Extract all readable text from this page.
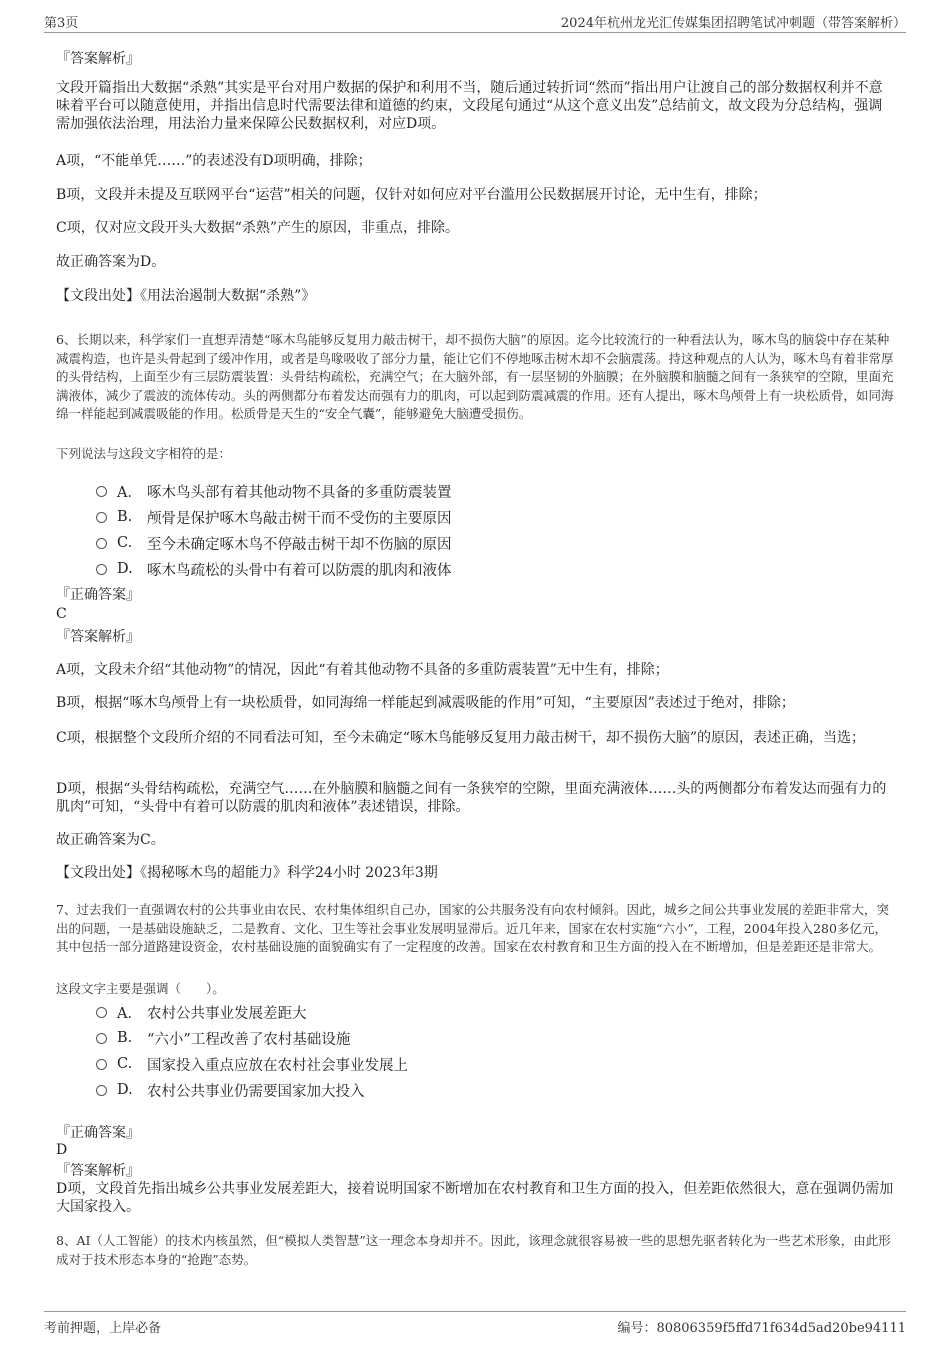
第3页	2024年杭州龙光汇传媒集团招聘笔试冲刺题（带答案解析）
『答案解析』
文段开篇指出大数据“杀熟”其实是平台对用户数据的保护和利用不当，随后通过转折词“然而”指出用户让渡自己的部分数据权利并不意味着平台可以随意使用，并指出信息时代需要法律和道德的约束，文段尾句通过“从这个意义出发”总结前文，故文段为分总结构，强调需加强依法治理，用法治力量来保障公民数据权利，对应D项。
A项，“不能单凭……”的表述没有D项明确，排除；
B项，文段并未提及互联网平台“运营”相关的问题，仅针对如何应对平台滥用公民数据展开讨论，无中生有，排除；
C项，仅对应文段开头大数据“杀熟”产生的原因，非重点，排除。
故正确答案为D。
【文段出处】《用法治遏制大数据“杀熟”》
6、长期以来，科学家们一直想弄清楚“啄木鸟能够反复用力敲击树干，却不损伤大脑”的原因。迄今比较流行的一种看法认为，啄木鸟的脑袋中存在某种减震构造，也许是头骨起到了缓冲作用，或者是鸟喙吸收了部分力量，能让它们不停地啄击树木却不会脑震荡。持这种观点的人认为，啄木鸟有着非常厚的头骨结构，上面至少有三层防震装置：头骨结构疏松，充满空气；在大脑外部，有一层坚韧的外脑膜；在外脑膜和脑髓之间有一条狭窄的空隙，里面充满液体，减少了震波的流体传动。头的两侧都分布着发达而强有力的肌肉，可以起到防震减震的作用。还有人提出，啄木鸟颅骨上有一块松质骨，如同海绵一样能起到减震吸能的作用。松质骨是天生的“安全气囊”，能够避免大脑遭受损伤。
下列说法与这段文字相符的是：
A． 啄木鸟头部有着其他动物不具备的多重防震装置
B.	颅骨是保护啄木鸟敲击树干而不受伤的主要原因
C.	至今未确定啄木鸟不停敲击树干却不伤脑的原因
D. 啄木鸟疏松的头骨中有着可以防震的肌肉和液体
『正确答案』
C
『答案解析』
A项，文段未介绍“其他动物”的情况，因此“有着其他动物不具备的多重防震装置”无中生有，排除；
B项，根据“啄木鸟颅骨上有一块松质骨，如同海绵一样能起到减震吸能的作用”可知，“主要原因”表述过于绝对，排除；
C项，根据整个文段所介绍的不同看法可知，至今未确定“啄木鸟能够反复用力敲击树干，却不损伤大脑”的原因，表述正确，当选；
D项，根据“头骨结构疏松，充满空气……在外脑膜和脑髓之间有一条狭窄的空隙，里面充满液体……头的两侧都分布着发达而强有力的肌肉”可知，“头骨中有着可以防震的肌肉和液体”表述错误，排除。
故正确答案为C。
【文段出处】《揭秘啄木鸟的超能力》科学24小时 2023年3期
7、过去我们一直强调农村的公共事业由农民、农村集体组织自己办，国家的公共服务没有向农村倾斜。因此，城乡之间公共事业发展的差距非常大，突出的问题，一是基础设施缺乏，二是教育、文化、卫生等社会事业发展明显滞后。近几年来，国家在农村实施“六小”，工程，2004年投入280多亿元，其中包括一部分道路建设资金，农村基础设施的面貌确实有了一定程度的改善。国家在农村教育和卫生方面的投入在不断增加，但是差距还是非常大。
这段文字主要是强调（　　）。
A． 农村公共事业发展差距大
B.	“六小”工程改善了农村基础设施
C.	国家投入重点应放在农村社会事业发展上
D. 农村公共事业仍需要国家加大投入
『正确答案』
D
『答案解析』
D项，文段首先指出城乡公共事业发展差距大，接着说明国家不断增加在农村教育和卫生方面的投入，但差距依然很大，意在强调仍需加大国家投入。
8、AI（人工智能）的技术内核虽然，但“模拟人类智慧”这一理念本身却并不。因此，该理念就很容易被一些的思想先驱者转化为一些艺术形象，由此形成对于技术形态本身的“抢跑”态势。
考前押题，上岸必备	编号：80806359f5ffd71f634d5ad20be94111
